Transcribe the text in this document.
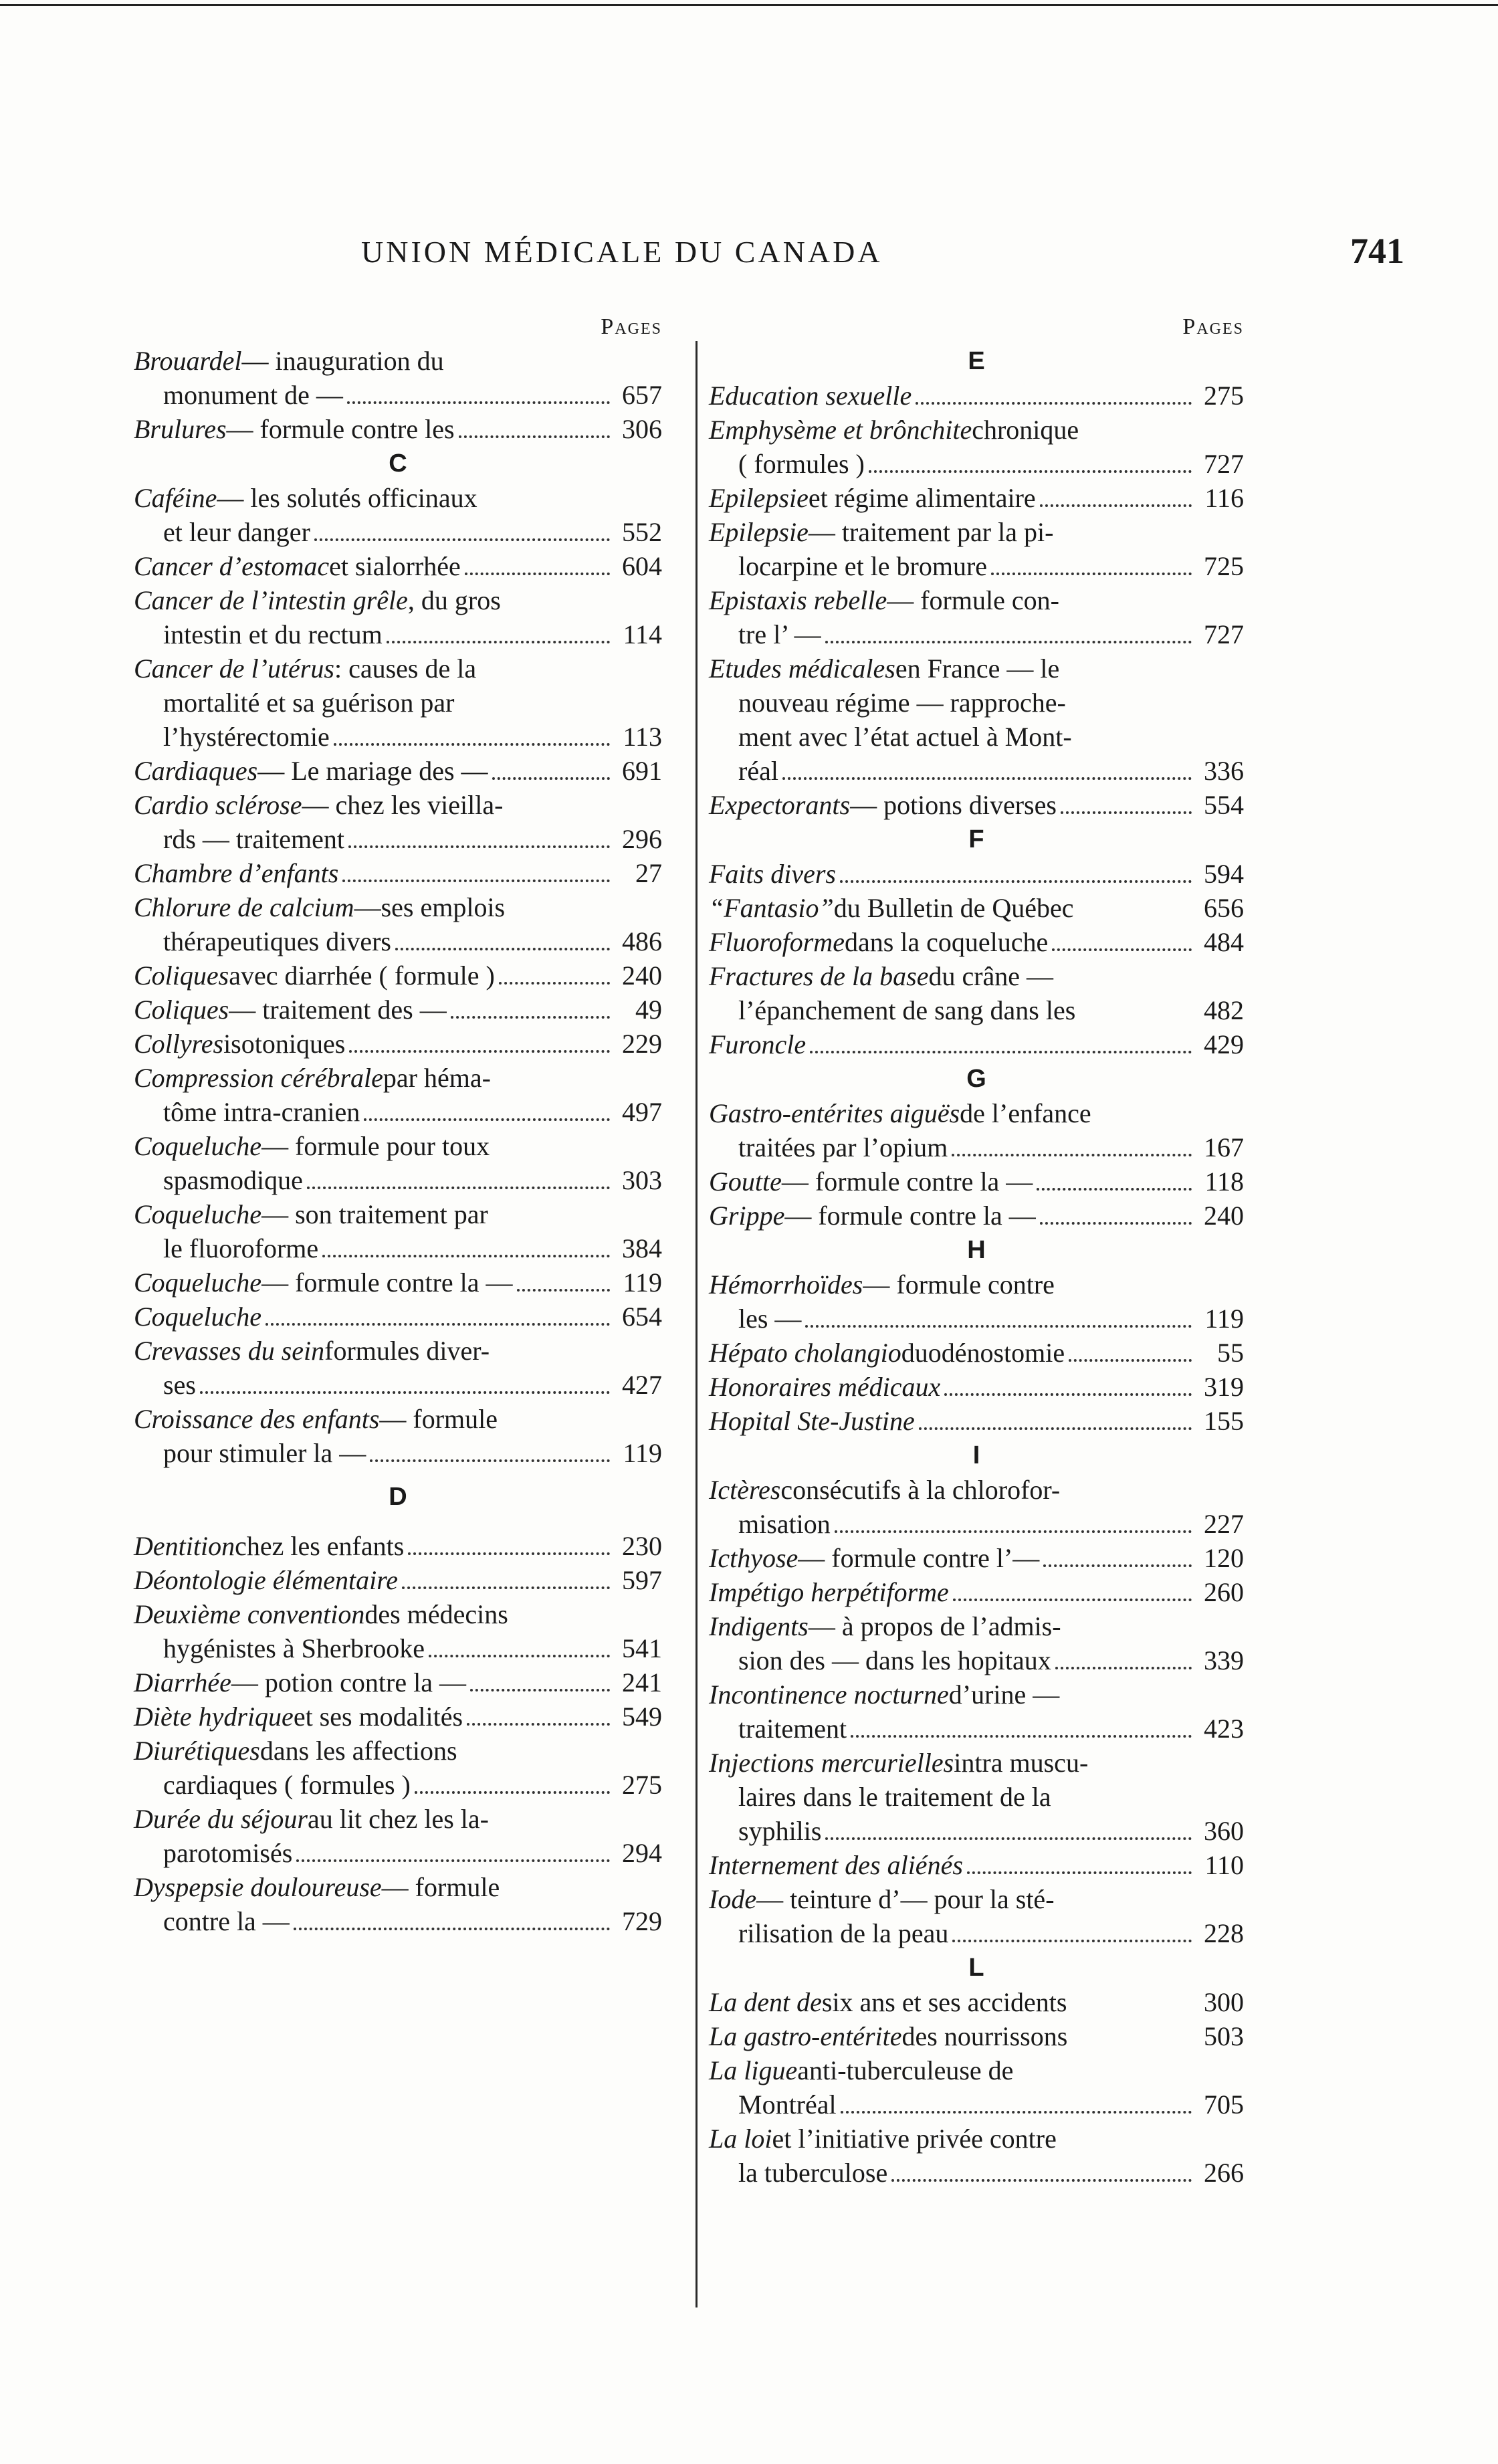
UNION MÉDICALE DU CANADA	741
Pages
Brouardel — inauguration du
monument de —	657
Brulures — formule contre les	306
C
Caféine — les solutés officinaux
et leur danger	552
Cancer d’estomac et sialorrhée	604
Cancer de l’intestin grêle , du gros
intestin et du rectum	114
Cancer de l’utérus : causes de la
mortalité et sa guérison par
l’hystérectomie	113
Cardiaques — Le mariage des —	691
Cardio sclérose — chez les vieilla-
rds — traitement	296
Chambre d’enfants	27
Chlorure de calcium —ses emplois
thérapeutiques divers	486
Coliques avec diarrhée ( formule )	240
Coliques — traitement des —	49
Collyres isotoniques	229
Compression cérébrale par héma-
tôme intra-cranien	497
Coqueluche — formule pour toux
spasmodique	303
Coqueluche — son traitement par
le fluoroforme	384
Coqueluche — formule contre la —	119
Coqueluche	654
Crevasses du sein formules diver-
ses	427
Croissance des enfants — formule
pour stimuler la —	119
D
Dentition chez les enfants	230
Déontologie élémentaire	597
Deuxième convention des médecins
hygénistes à Sherbrooke	541
Diarrhée — potion contre la —	241
Diète hydrique et ses modalités	549
Diurétiques dans les affections
cardiaques ( formules )	275
Durée du séjour au lit chez les la-
parotomisés	294
Dyspepsie douloureuse — formule
contre la —	729
Pages
E
Education sexuelle	275
Emphysème et brônchite chronique
( formules )	727
Epilepsie et régime alimentaire	116
Epilepsie — traitement par la pi-
locarpine et le bromure	725
Epistaxis rebelle — formule con-
tre l’ —	727
Etudes médicales en France — le
nouveau régime — rapproche-
ment avec l’état actuel à Mont-
réal	336
Expectorants — potions diverses	554
F
Faits divers	594
“Fantasio” du Bulletin de Québec	656
Fluoroforme dans la coqueluche	484
Fractures de la base du crâne —
l’épanchement de sang dans les	482
Furoncle	429
G
Gastro-entérites aiguës de l’enfance
traitées par l’opium	167
Goutte — formule contre la —	118
Grippe — formule contre la —	240
H
Hémorrhoïdes — formule contre
les —	119
Hépato cholangio duodénostomie	55
Honoraires médicaux	319
Hopital Ste-Justine	155
I
Ictères consécutifs à la chlorofor-
misation	227
Icthyose — formule contre l’—	120
Impétigo herpétiforme	260
Indigents — à propos de l’admis-
sion des — dans les hopitaux	339
Incontinence nocturne d’urine —
traitement	423
Injections mercurielles intra muscu-
laires dans le traitement de la
syphilis	360
Internement des aliénés	110
Iode — teinture d’— pour la sté-
rilisation de la peau	228
L
La dent de six ans et ses accidents	300
La gastro-entérite des nourrissons	503
La ligue anti-tuberculeuse de
Montréal	705
La loi et l’initiative privée contre
la tuberculose	266
